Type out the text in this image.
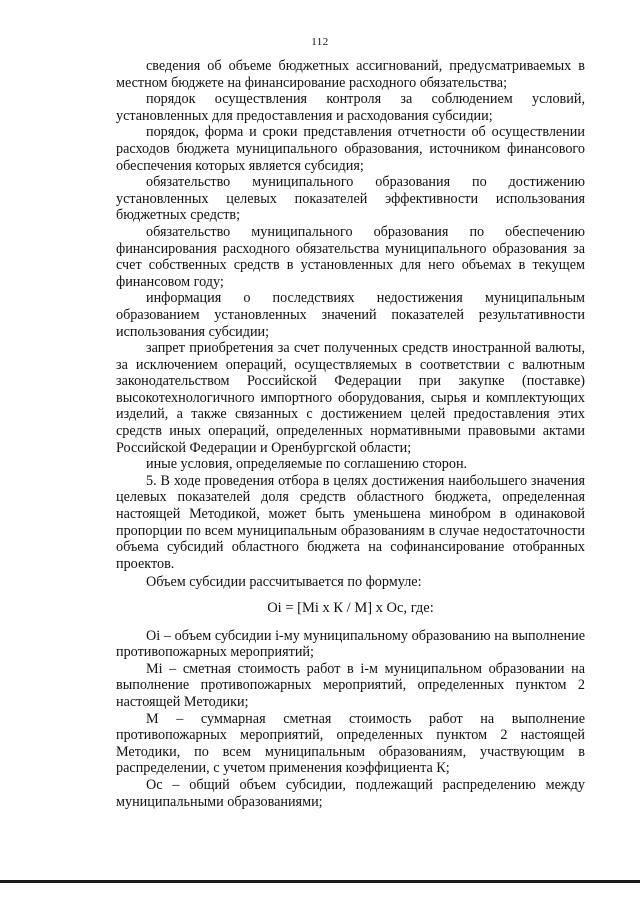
112

сведения об объеме бюджетных ассигнований, предусматриваемых в местном бюджете на финансирование расходного обязательства;

порядок осуществления контроля за соблюдением условий, установленных для предоставления и расходования субсидии;

порядок, форма и сроки представления отчетности об осуществлении расходов бюджета муниципального образования, источником финансового обеспечения которых является субсидия;

обязательство муниципального образования по достижению установленных целевых показателей эффективности использования бюджетных средств;

обязательство муниципального образования по обеспечению финансирования расходного обязательства муниципального образования за счет собственных средств в установленных для него объемах в текущем финансовом году;

информация о последствиях недостижения муниципальным образованием установленных значений показателей результативности использования субсидии;

запрет приобретения за счет полученных средств иностранной валюты, за исключением операций, осуществляемых в соответствии с валютным законодательством Российской Федерации при закупке (поставке) высокотехнологичного импортного оборудования, сырья и комплектующих изделий, а также связанных с достижением целей предоставления этих средств иных операций, определенных нормативными правовыми актами Российской Федерации и Оренбургской области;

иные условия, определяемые по соглашению сторон.

5. В ходе проведения отбора в целях достижения наибольшего значения целевых показателей доля средств областного бюджета, определенная настоящей Методикой, может быть уменьшена минобром в одинаковой пропорции по всем муниципальным образованиям в случае недостаточности объема субсидий областного бюджета на софинансирование отобранных проектов.

Объем субсидии рассчитывается по формуле:

Oi = [Mi x К / M] x Oc, где:

Oi – объем субсидии i-му муниципальному образованию на выполнение противопожарных мероприятий;

Mi – сметная стоимость работ в i-м муниципальном образовании на выполнение противопожарных мероприятий, определенных пунктом 2 настоящей Методики;

M – суммарная сметная стоимость работ на выполнение противопожарных мероприятий, определенных пунктом 2 настоящей Методики, по всем муниципальным образованиям, участвующим в распределении, с учетом применения коэффициента К;

Oc – общий объем субсидии, подлежащий распределению между муниципальными образованиями;
